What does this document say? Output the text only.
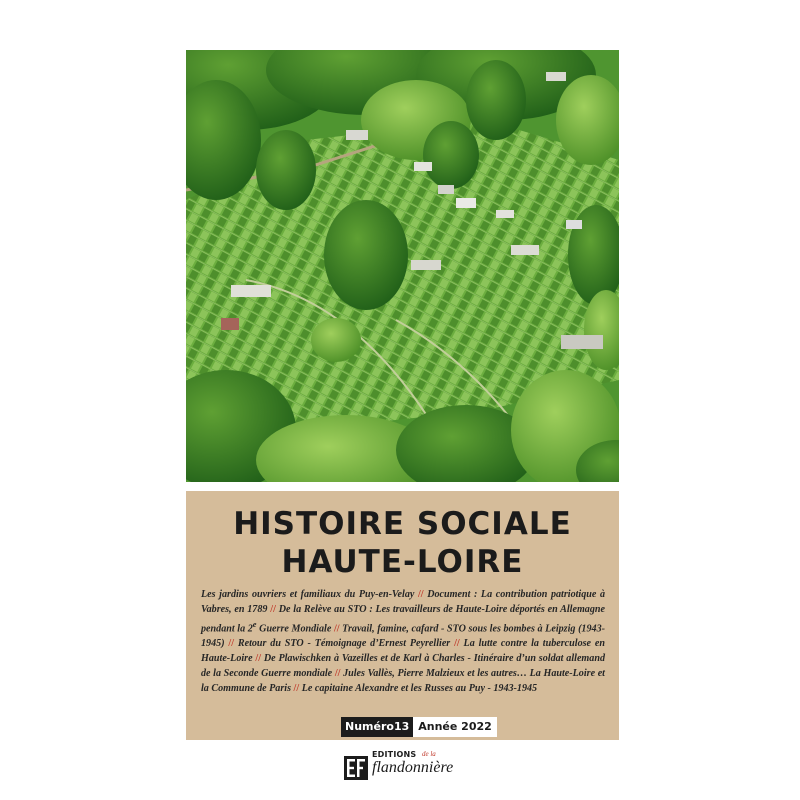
HISTOIRE SOCIALE
HAUTE-LOIRE

Les jardins ouvriers et familiaux du Puy-en-Velay // Document : La contribution patriotique à Vabres, en 1789 // De la Relève au STO : Les travailleurs de Haute-Loire déportés en Allemagne pendant la 2e Guerre Mondiale // Travail, famine, cafard - STO sous les bombes à Leipzig (1943-1945) // Retour du STO - Témoignage d’Ernest Peyrellier // La lutte contre la tuberculose en Haute-Loire // De Plawischken à Vazeilles et de Karl à Charles - Itinéraire d’un soldat allemand de la Seconde Guerre mondiale // Jules Vallès, Pierre Malzieux et les autres… La Haute-Loire et la Commune de Paris // Le capitaine Alexandre et les Russes au Puy - 1943-1945

Numéro13 Année 2022
EDITIONS de la
flandonnière
